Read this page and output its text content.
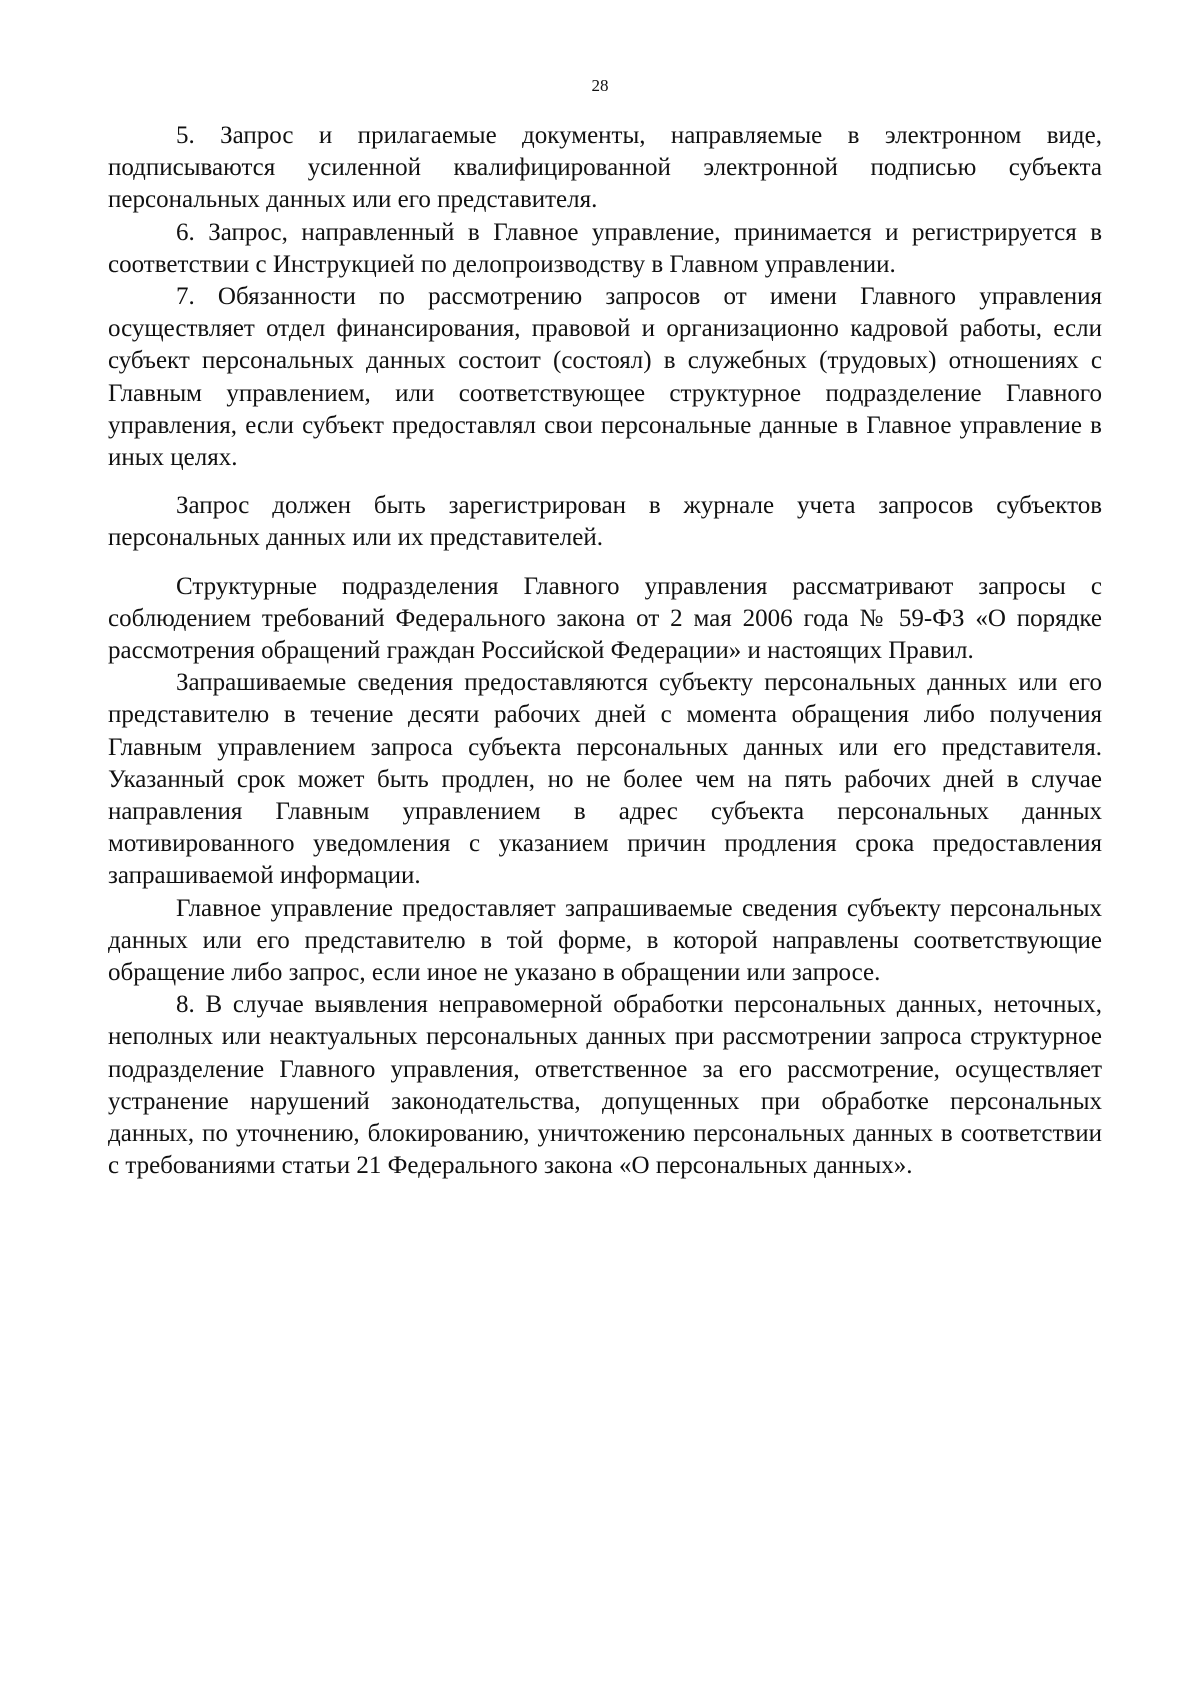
28

5. Запрос и прилагаемые документы, направляемые в электронном виде, подписываются усиленной квалифицированной электронной подписью субъекта персональных данных или его представителя.

6. Запрос, направленный в Главное управление, принимается и регистрируется в соответствии с Инструкцией по делопроизводству в Главном управлении.

7. Обязанности по рассмотрению запросов от имени Главного управления осуществляет отдел финансирования, правовой и организационно кадровой работы, если субъект персональных данных состоит (состоял) в служебных (трудовых) отношениях с Главным управлением, или соответствующее структурное подразделение Главного управления, если субъект предоставлял свои персональные данные в Главное управление в иных целях.

Запрос должен быть зарегистрирован в журнале учета запросов субъектов персональных данных или их представителей.

Структурные подразделения Главного управления рассматривают запросы с соблюдением требований Федерального закона от 2 мая 2006 года № 59-ФЗ «О порядке рассмотрения обращений граждан Российской Федерации» и настоящих Правил.

Запрашиваемые сведения предоставляются субъекту персональных данных или его представителю в течение десяти рабочих дней с момента обращения либо получения Главным управлением запроса субъекта персональных данных или его представителя. Указанный срок может быть продлен, но не более чем на пять рабочих дней в случае направления Главным управлением в адрес субъекта персональных данных мотивированного уведомления с указанием причин продления срока предоставления запрашиваемой информации.

Главное управление предоставляет запрашиваемые сведения субъекту персональных данных или его представителю в той форме, в которой направлены соответствующие обращение либо запрос, если иное не указано в обращении или запросе.

8. В случае выявления неправомерной обработки персональных данных, неточных, неполных или неактуальных персональных данных при рассмотрении запроса структурное подразделение Главного управления, ответственное за его рассмотрение, осуществляет устранение нарушений законодательства, допущенных при обработке персональных данных, по уточнению, блокированию, уничтожению персональных данных в соответствии с требованиями статьи 21 Федерального закона «О персональных данных».
